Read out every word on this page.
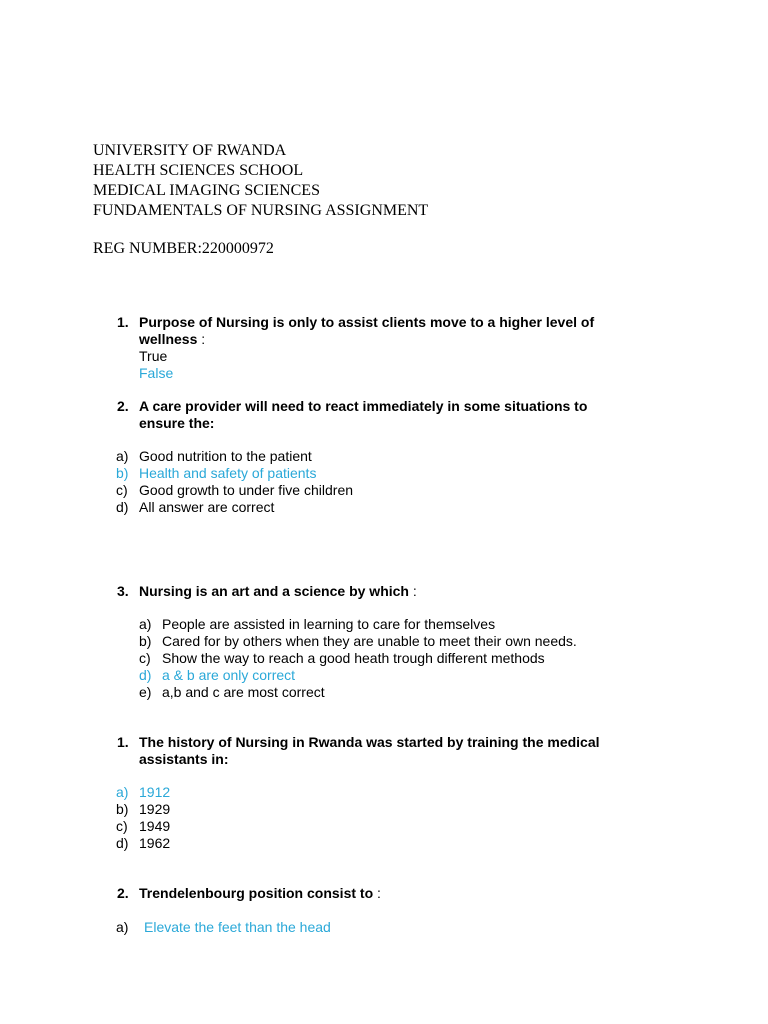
UNIVERSITY OF RWANDA
HEALTH SCIENCES SCHOOL
MEDICAL IMAGING SCIENCES
FUNDAMENTALS OF NURSING ASSIGNMENT
REG NUMBER:220000972
1. Purpose of Nursing is only to assist clients move to a higher level of
wellness :
True
False
2. A care provider will need to react immediately in some situations to
ensure the:
a) Good nutrition to the patient
b) Health and safety of patients
c) Good growth to under five children
d) All answer are correct
3. Nursing is an art and a science by which :
a) People are assisted in learning to care for themselves
b) Cared for by others when they are unable to meet their own needs.
c) Show the way to reach a good heath trough different methods
d) a & b are only correct
e) a,b and c are most correct
1. The history of Nursing in Rwanda was started by training the medical
assistants in:
a) 1912
b) 1929
c) 1949
d) 1962
2. Trendelenbourg position consist to :
a) Elevate the feet than the head
